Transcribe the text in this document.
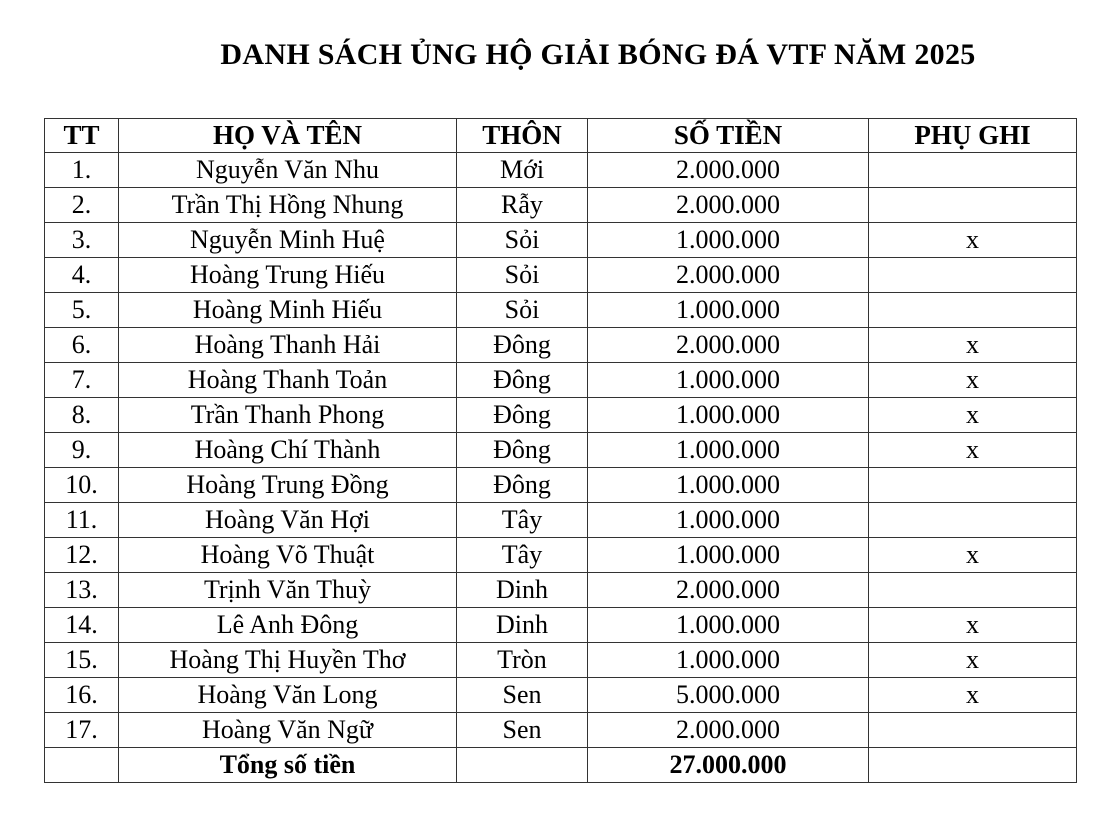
DANH SÁCH ỦNG HỘ GIẢI BÓNG ĐÁ VTF NĂM 2025
TT	HỌ VÀ TÊN	THÔN	SỐ TIỀN	PHỤ GHI
1.	Nguyễn Văn Nhu	Mới	2.000.000	
2.	Trần Thị Hồng Nhung	Rẫy	2.000.000	
3.	Nguyễn Minh Huệ	Sỏi	1.000.000	x
4.	Hoàng Trung Hiếu	Sỏi	2.000.000	
5.	Hoàng Minh Hiếu	Sỏi	1.000.000	
6.	Hoàng Thanh Hải	Đông	2.000.000	x
7.	Hoàng Thanh Toản	Đông	1.000.000	x
8.	Trần Thanh Phong	Đông	1.000.000	x
9.	Hoàng Chí Thành	Đông	1.000.000	x
10.	Hoàng Trung Đồng	Đông	1.000.000	
11.	Hoàng Văn Hợi	Tây	1.000.000	
12.	Hoàng Võ Thuật	Tây	1.000.000	x
13.	Trịnh Văn Thuỳ	Dinh	2.000.000	
14.	Lê Anh Đông	Dinh	1.000.000	x
15.	Hoàng Thị Huyền Thơ	Tròn	1.000.000	x
16.	Hoàng Văn Long	Sen	5.000.000	x
17.	Hoàng Văn Ngữ	Sen	2.000.000	
	Tổng số tiền		27.000.000	
